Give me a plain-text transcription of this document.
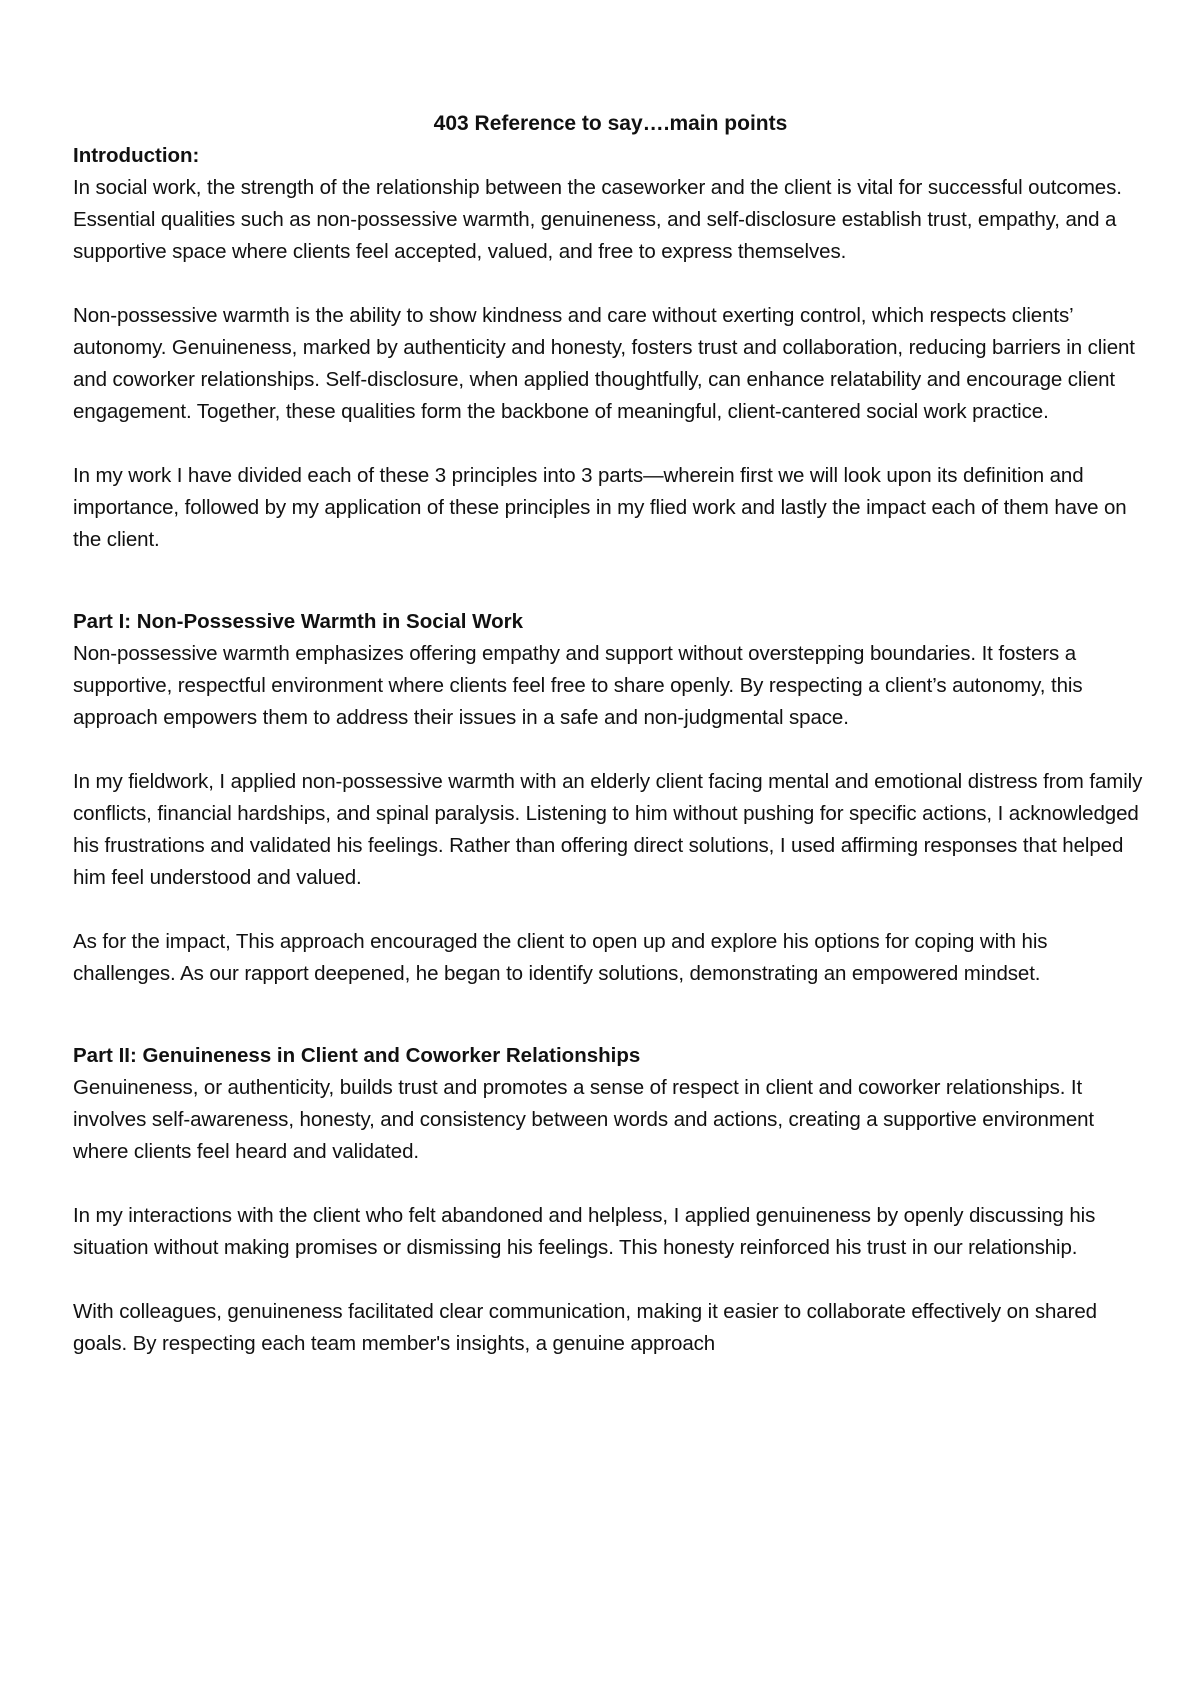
403 Reference to say….main points

Introduction:

In social work, the strength of the relationship between the caseworker and the client is vital for successful outcomes. Essential qualities such as non-possessive warmth, genuineness, and self-disclosure establish trust, empathy, and a supportive space where clients feel accepted, valued, and free to express themselves.

Non-possessive warmth is the ability to show kindness and care without exerting control, which respects clients’ autonomy. Genuineness, marked by authenticity and honesty, fosters trust and collaboration, reducing barriers in client and coworker relationships. Self-disclosure, when applied thoughtfully, can enhance relatability and encourage client engagement. Together, these qualities form the backbone of meaningful, client-cantered social work practice.

In my work I have divided each of these 3 principles into 3 parts—wherein first we will look upon its definition and importance, followed by my application of these principles in my flied work and lastly the impact each of them have on the client.

Part I: Non-Possessive Warmth in Social Work

Non-possessive warmth emphasizes offering empathy and support without overstepping boundaries. It fosters a supportive, respectful environment where clients feel free to share openly. By respecting a client’s autonomy, this approach empowers them to address their issues in a safe and non-judgmental space.

In my fieldwork, I applied non-possessive warmth with an elderly client facing mental and emotional distress from family conflicts, financial hardships, and spinal paralysis. Listening to him without pushing for specific actions, I acknowledged his frustrations and validated his feelings. Rather than offering direct solutions, I used affirming responses that helped him feel understood and valued.

As for the impact, This approach encouraged the client to open up and explore his options for coping with his challenges. As our rapport deepened, he began to identify solutions, demonstrating an empowered mindset.

Part II: Genuineness in Client and Coworker Relationships

Genuineness, or authenticity, builds trust and promotes a sense of respect in client and coworker relationships. It involves self-awareness, honesty, and consistency between words and actions, creating a supportive environment where clients feel heard and validated.

In my interactions with the client who felt abandoned and helpless, I applied genuineness by openly discussing his situation without making promises or dismissing his feelings. This honesty reinforced his trust in our relationship.

With colleagues, genuineness facilitated clear communication, making it easier to collaborate effectively on shared goals. By respecting each team member's insights, a genuine approach
